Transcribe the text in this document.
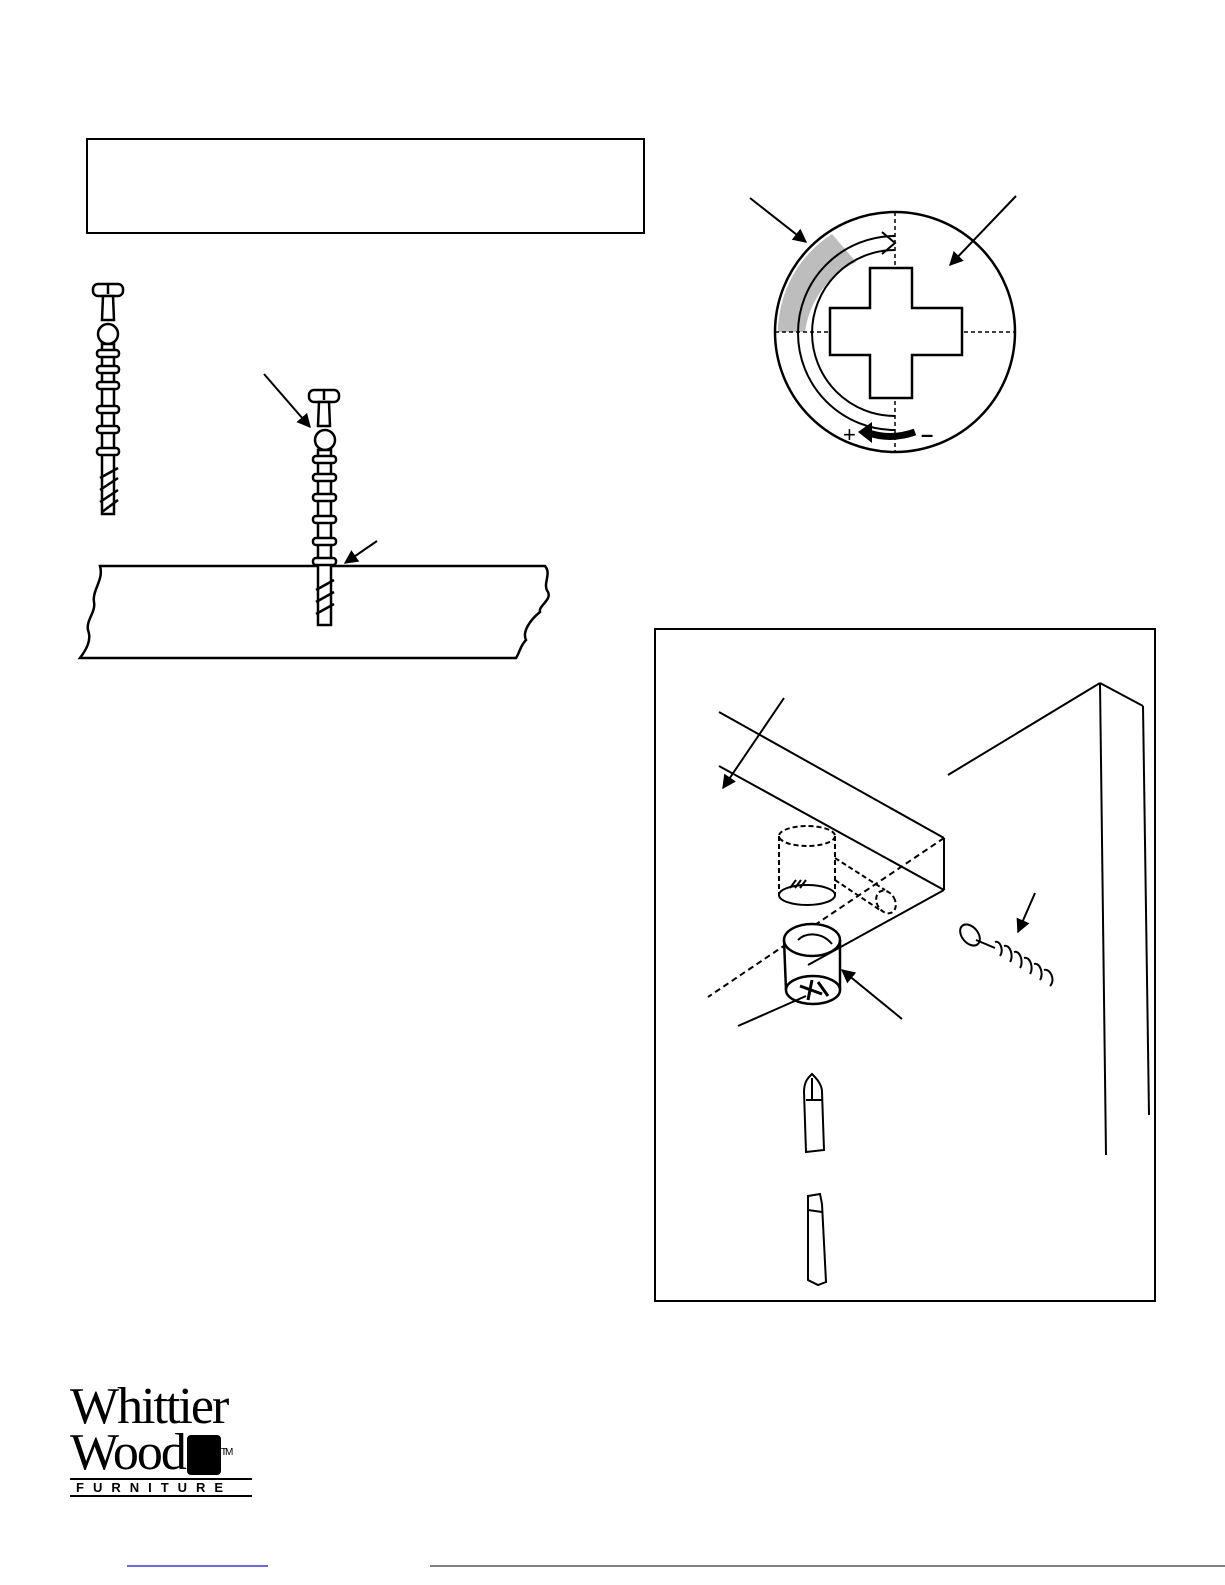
+	–
Whittier
Wood	™
FURNITURE
